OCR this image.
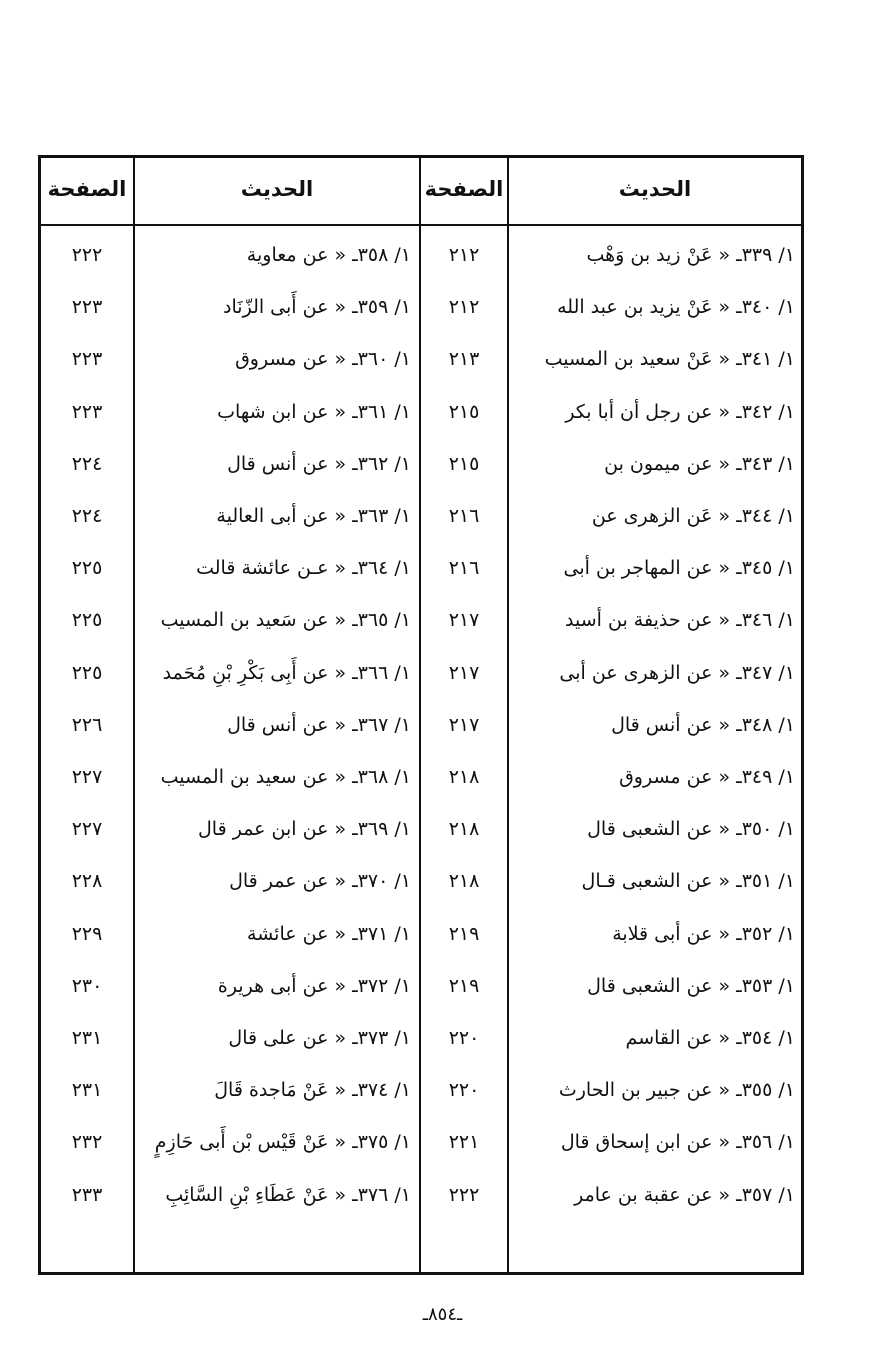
الحديث
الصفحة
الحديث
الصفحة
١/ ٣٣٩ـ « عَنْ زيد بن وَهْب
٢١٢
١/ ٣٥٨ـ « عن معاوية
٢٢٢
١/ ٣٤٠ـ « عَنْ يزيد بن عبد الله
٢١٢
١/ ٣٥٩ـ « عن أَبى الزّنَاد
٢٢٣
١/ ٣٤١ـ « عَنْ سعيد بن المسيب
٢١٣
١/ ٣٦٠ـ « عن مسروق
٢٢٣
١/ ٣٤٢ـ « عن رجل أن أبا بكر
٢١٥
١/ ٣٦١ـ « عن ابن شهاب
٢٢٣
١/ ٣٤٣ـ « عن ميمون بن
٢١٥
١/ ٣٦٢ـ « عن أنس قال
٢٢٤
١/ ٣٤٤ـ « عَن الزهرى عن
٢١٦
١/ ٣٦٣ـ « عن أبى العالية
٢٢٤
١/ ٣٤٥ـ « عن المهاجر بن أبى
٢١٦
١/ ٣٦٤ـ « عـن عائشة قالت
٢٢٥
١/ ٣٤٦ـ « عن حذيفة بن أسيد
٢١٧
١/ ٣٦٥ـ « عن سَعيد بن المسيب
٢٢٥
١/ ٣٤٧ـ « عن الزهرى عن أبى
٢١٧
١/ ٣٦٦ـ « عن أَبِى بَكْرِ بْنِ مُحَمد
٢٢٥
١/ ٣٤٨ـ « عن أنس قال
٢١٧
١/ ٣٦٧ـ « عن أنس قال
٢٢٦
١/ ٣٤٩ـ « عن مسروق
٢١٨
١/ ٣٦٨ـ « عن سعيد بن المسيب
٢٢٧
١/ ٣٥٠ـ « عن الشعبى قال
٢١٨
١/ ٣٦٩ـ « عن ابن عمر قال
٢٢٧
١/ ٣٥١ـ « عن الشعبى قـال
٢١٨
١/ ٣٧٠ـ « عن عمر قال
٢٢٨
١/ ٣٥٢ـ « عن أبى قلابة
٢١٩
١/ ٣٧١ـ « عن عائشة
٢٢٩
١/ ٣٥٣ـ « عن الشعبى قال
٢١٩
١/ ٣٧٢ـ « عن أبى هريرة
٢٣٠
١/ ٣٥٤ـ « عن القاسم
٢٢٠
١/ ٣٧٣ـ « عن على قال
٢٣١
١/ ٣٥٥ـ « عن جبير بن الحارث
٢٢٠
١/ ٣٧٤ـ « عَنْ مَاجدة قَالَ
٢٣١
١/ ٣٥٦ـ « عن ابن إسحاق قال
٢٢١
١/ ٣٧٥ـ « عَنْ قَيْس بْن أَبى حَازِمٍ
٢٣٢
١/ ٣٥٧ـ « عن عقبة بن عامر
٢٢٢
١/ ٣٧٦ـ « عَنْ عَطَاءِ بْنِ السَّائِبِ
٢٣٣
ـ٨٥٤ـ
